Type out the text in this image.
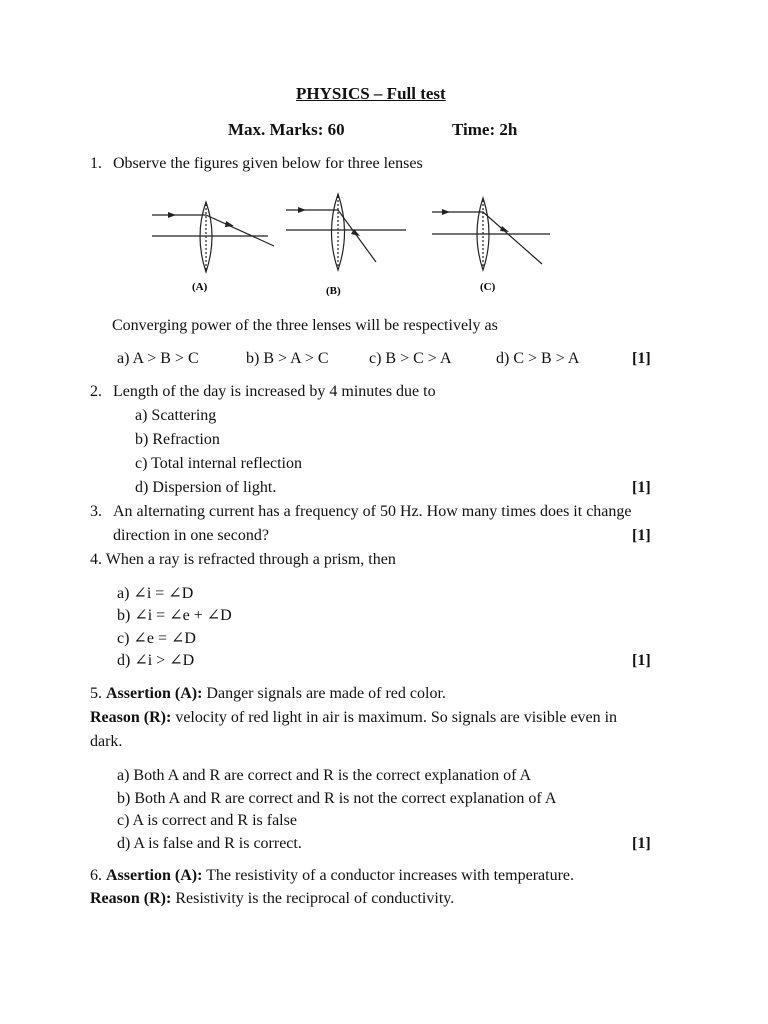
PHYSICS – Full test
Max. Marks: 60	Time: 2h
1. Observe the figures given below for three lenses
(A)	(B)	(C)
Converging power of the three lenses will be respectively as
a) A > B > C	b) B > A > C	c) B > C > A	d) C > B > A	[1]
2. Length of the day is increased by 4 minutes due to
a) Scattering
b) Refraction
c) Total internal reflection
d) Dispersion of light.	[1]
3. An alternating current has a frequency of 50 Hz. How many times does it change
direction in one second?	[1]
4. When a ray is refracted through a prism, then
a) ∠i = ∠D
b) ∠i = ∠e + ∠D
c) ∠e = ∠D
d) ∠i > ∠D	[1]
5. Assertion (A): Danger signals are made of red color.
Reason (R): velocity of red light in air is maximum. So signals are visible even in
dark.
a) Both A and R are correct and R is the correct explanation of A
b) Both A and R are correct and R is not the correct explanation of A
c) A is correct and R is false
d) A is false and R is correct.	[1]
6. Assertion (A): The resistivity of a conductor increases with temperature.
Reason (R): Resistivity is the reciprocal of conductivity.
